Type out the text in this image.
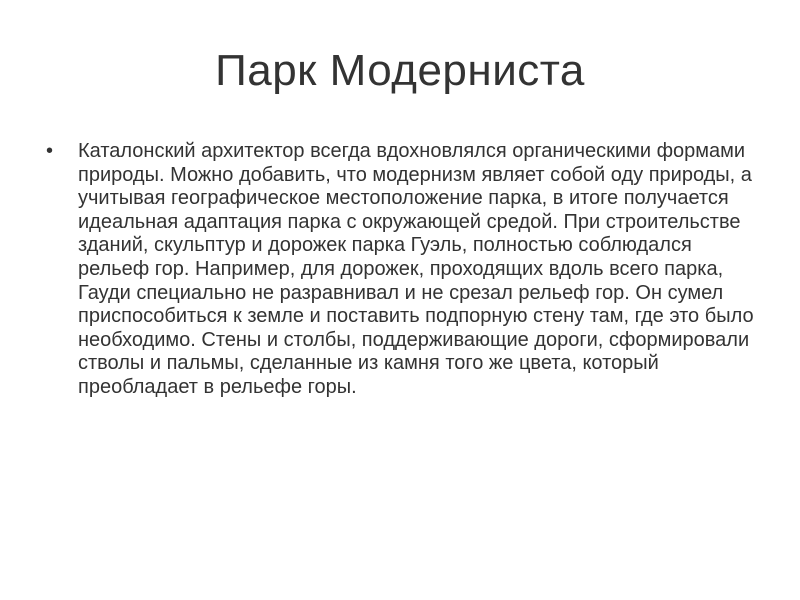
Парк Модерниста
• Каталонский архитектор всегда вдохновлялся органическими формами природы. Можно добавить, что модернизм являет собой оду природы, а учитывая географическое местоположение парка, в итоге получается идеальная адаптация парка с окружающей средой. При строительстве зданий, скульптур и дорожек парка Гуэль, полностью соблюдался рельеф гор. Например, для дорожек, проходящих вдоль всего парка, Гауди специально не разравнивал и не срезал рельеф гор. Он сумел приспособиться к земле и поставить подпорную стену там, где это было необходимо. Стены и столбы, поддерживающие дороги, сформировали стволы и пальмы, сделанные из камня того же цвета, который преобладает в рельефе горы.
